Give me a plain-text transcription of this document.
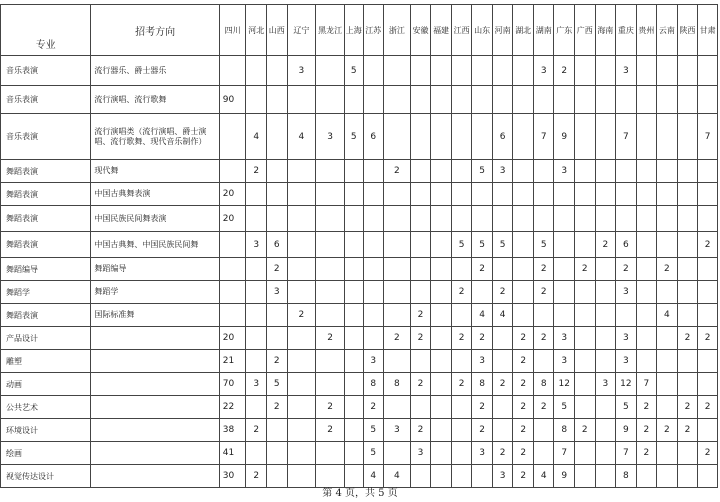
专业	招考方向	四川	河北	山西	辽宁	黑龙江	上海	江苏	浙江	安徽	福建	江西	山东	河南	湖北	湖南	广东	广西	海南	重庆	贵州	云南	陕西	甘肃
音乐表演	流行器乐、爵士器乐				3		5									3	2			3				
音乐表演	流行演唱、流行歌舞	90																						
音乐表演	流行演唱类（流行演唱、爵士演唱、流行歌舞、现代音乐制作）		4		4	3	5	6						6		7	9			7				7
舞蹈表演	现代舞		2						2				5	3			3							
舞蹈表演	中国古典舞表演	20																						
舞蹈表演	中国民族民间舞表演	20																						
舞蹈表演	中国古典舞、中国民族民间舞		3	6								5	5	5		5			2	6				2
舞蹈编导	舞蹈编导			2									2			2		2		2		2		
舞蹈学	舞蹈学			3								2		2		2				3				
舞蹈表演	国际标准舞				2					2			4	4								4		
产品设计		20				2			2	2		2	2		2	2	3			3			2	2
雕塑		21		2				3					3		2		3			3				
动画		70	3	5				8	8	2		2	8	2	2	8	12		3	12	7			
公共艺术		22		2		2		2					2		2	2	5			5	2		2	2
环境设计		38	2			2		5	3	2			2		2		8	2		9	2	2	2	
绘画		41						5		3			3	2	2		7			7	2			2
视觉传达设计		30	2					4	4					3	2	4	9			8				
第 4 页，共 5 页
